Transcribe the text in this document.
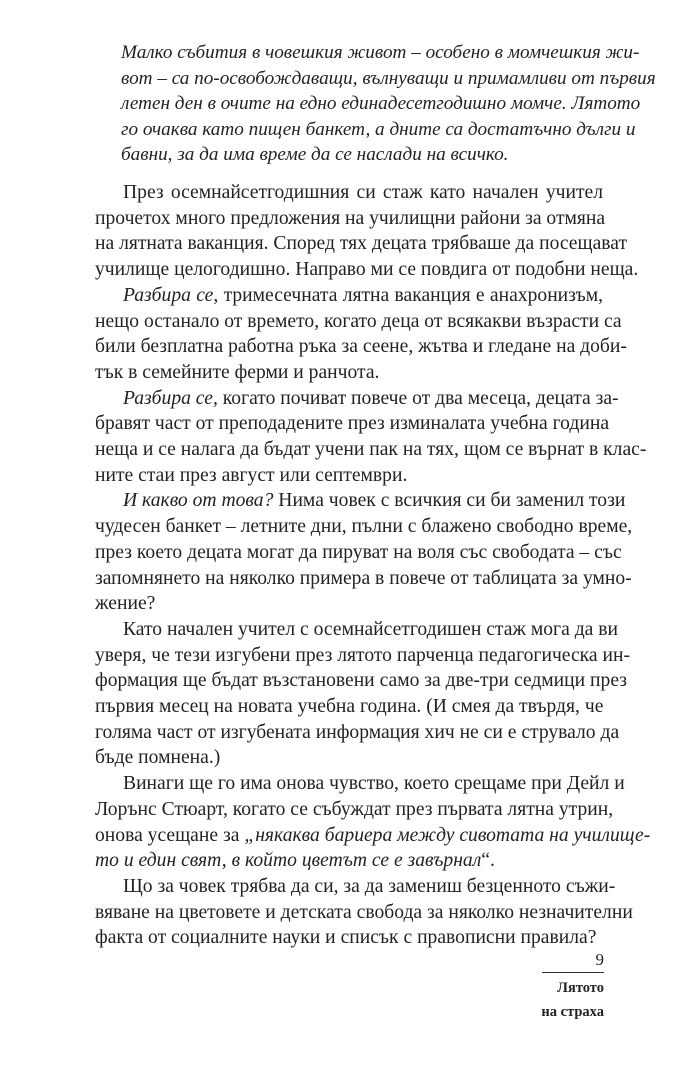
Малко събития в човешкия живот – особено в момчешкия жи-
вот – са по-освобождаващи, вълнуващи и примамливи от първия
летен ден в очите на едно единадесетгодишно момче. Лятото
го очаква като пищен банкет, а дните са достатъчно дълги и
бавни, за да има време да се наслади на всичко.
През осемнайсетгодишния си стаж като начален учител
прочетох много предложения на училищни райони за отмяна
на лятната ваканция. Според тях децата трябваше да посещават
училище целогодишно. Направо ми се повдига от подобни неща.
Разбира се, тримесечната лятна ваканция е анахронизъм,
нещо останало от времето, когато деца от всякакви възрасти са
били безплатна работна ръка за сеене, жътва и гледане на доби-
тък в семейните ферми и ранчота.
Разбира се, когато почиват повече от два месеца, децата за-
бравят част от преподадените през изминалата учебна година
неща и се налага да бъдат учени пак на тях, щом се върнат в клас-
ните стаи през август или септември.
И какво от това? Нима човек с всичкия си би заменил този
чудесен банкет – летните дни, пълни с блажено свободно време,
през което децата могат да пируват на воля със свободата – със
запомнянето на няколко примера в повече от таблицата за умно-
жение?
Като начален учител с осемнайсетгодишен стаж мога да ви
уверя, че тези изгубени през лятото парченца педагогическа ин-
формация ще бъдат възстановени само за две-три седмици през
първия месец на новата учебна година. (И смея да твърдя, че
голяма част от изгубената информация хич не си е струвало да
бъде помнена.)
Винаги ще го има онова чувство, което срещаме при Дейл и
Лорънс Стюарт, когато се събуждат през първата лятна утрин,
онова усещане за „някаква бариера между сивотата на училище-
то и един свят, в който цветът се е завърнал“.
Що за човек трябва да си, за да замениш безценното съжи-
вяване на цветовете и детската свобода за няколко незначителни
факта от социалните науки и списък с правописни правила?
9
Лятото
на страха
